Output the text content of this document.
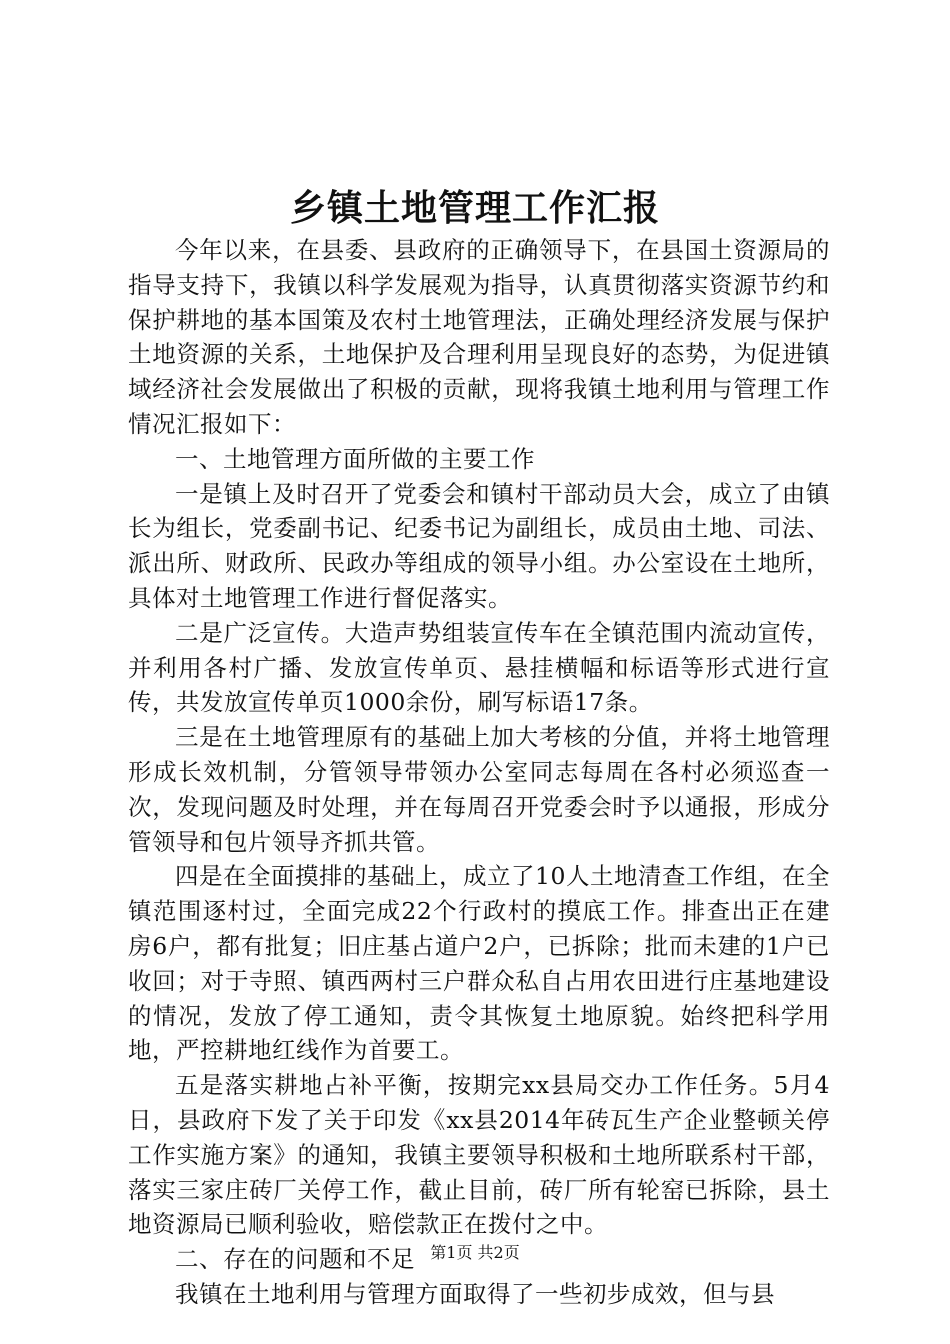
乡镇土地管理工作汇报

今年以来，在县委、县政府的正确领导下，在县国土资源局的指导支持下，我镇以科学发展观为指导，认真贯彻落实资源节约和保护耕地的基本国策及农村土地管理法，正确处理经济发展与保护土地资源的关系，土地保护及合理利用呈现良好的态势，为促进镇域经济社会发展做出了积极的贡献，现将我镇土地利用与管理工作情况汇报如下：

一、土地管理方面所做的主要工作

一是镇上及时召开了党委会和镇村干部动员大会，成立了由镇长为组长，党委副书记、纪委书记为副组长，成员由土地、司法、派出所、财政所、民政办等组成的领导小组。办公室设在土地所，具体对土地管理工作进行督促落实。

二是广泛宣传。大造声势组装宣传车在全镇范围内流动宣传，并利用各村广播、发放宣传单页、悬挂横幅和标语等形式进行宣传，共发放宣传单页1000余份，刷写标语17条。

三是在土地管理原有的基础上加大考核的分值，并将土地管理形成长效机制，分管领导带领办公室同志每周在各村必须巡查一次，发现问题及时处理，并在每周召开党委会时予以通报，形成分管领导和包片领导齐抓共管。

四是在全面摸排的基础上，成立了10人土地清查工作组，在全镇范围逐村过，全面完成22个行政村的摸底工作。排查出正在建房6户，都有批复；旧庄基占道户2户，已拆除；批而未建的1户已收回；对于寺照、镇西两村三户群众私自占用农田进行庄基地建设的情况，发放了停工通知，责令其恢复土地原貌。始终把科学用地，严控耕地红线作为首要工。

五是落实耕地占补平衡，按期完xx县局交办工作任务。5月4日，县政府下发了关于印发《xx县2014年砖瓦生产企业整顿关停工作实施方案》的通知，我镇主要领导积极和土地所联系村干部，落实三家庄砖厂关停工作，截止目前，砖厂所有轮窑已拆除，县土地资源局已顺利验收，赔偿款正在拨付之中。

二、存在的问题和不足

我镇在土地利用与管理方面取得了一些初步成效，但与县

第1页 共2页
